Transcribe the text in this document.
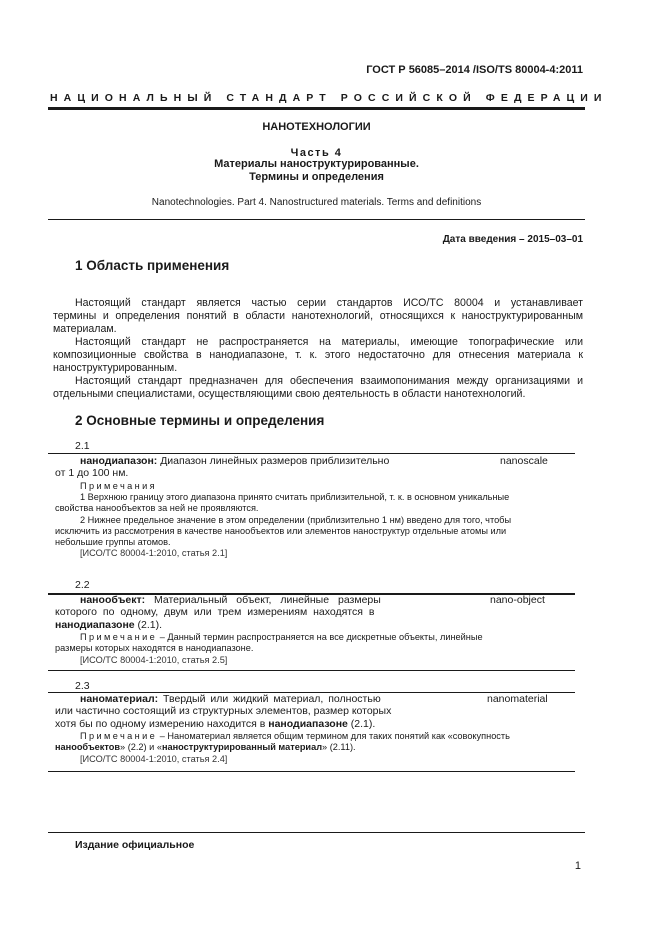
ГОСТ Р 56085–2014 /ISO/TS 80004-4:2011
НАЦИОНАЛЬНЫЙ СТАНДАРТ РОССИЙСКОЙ ФЕДЕРАЦИИ
НАНОТЕХНОЛОГИИ
Часть 4
Материалы наноструктурированные.
Термины и определения
Nanotechnologies. Part 4. Nanostructured materials. Terms and definitions
Дата введения – 2015–03–01
1 Область применения
Настоящий стандарт является частью серии стандартов ИСО/ТС 80004 и устанавливает
термины и определения понятий в области нанотехнологий, относящихся к наноструктурированным
материалам.
Настоящий стандарт не распространяется на материалы, имеющие топографические или
композиционные свойства в нанодиапазоне, т. к. этого недостаточно для отнесения материала к
наноструктурированным.
Настоящий стандарт предназначен для обеспечения взаимопонимания между организациями и
отдельными специалистами, осуществляющими свою деятельность в области нанотехнологий.
2 Основные термины и определения
2.1
нанодиапазон: Диапазон линейных размеров приблизительно	nanoscale
от 1 до 100 нм.
Примечания
1 Верхнюю границу этого диапазона принято считать приблизительной, т. к. в основном уникальные
свойства нанообъектов за ней не проявляются.
2 Нижнее предельное значение в этом определении (приблизительно 1 нм) введено для того, чтобы
исключить из рассмотрения в качестве нанообъектов или элементов наноструктур отдельные атомы или
небольшие группы атомов.
[ИСО/ТС 80004-1:2010, статья 2.1]
2.2
нанообъект: Материальный объект, линейные размеры	nano-object
которого по одному, двум или трем измерениям находятся в
нанодиапазоне (2.1).
Примечание – Данный термин распространяется на все дискретные объекты, линейные
размеры которых находятся в нанодиапазоне.
[ИСО/ТС 80004-1:2010, статья 2.5]
2.3
наноматериал: Твердый или жидкий материал, полностью	nanomaterial
или частично состоящий из структурных элементов, размер которых
хотя бы по одному измерению находится в нанодиапазоне (2.1).
Примечание – Наноматериал является общим термином для таких понятий как «совокупность
нанообъектов» (2.2) и «наноструктурированный материал» (2.11).
[ИСО/ТС 80004-1:2010, статья 2.4]
Издание официальное
1
